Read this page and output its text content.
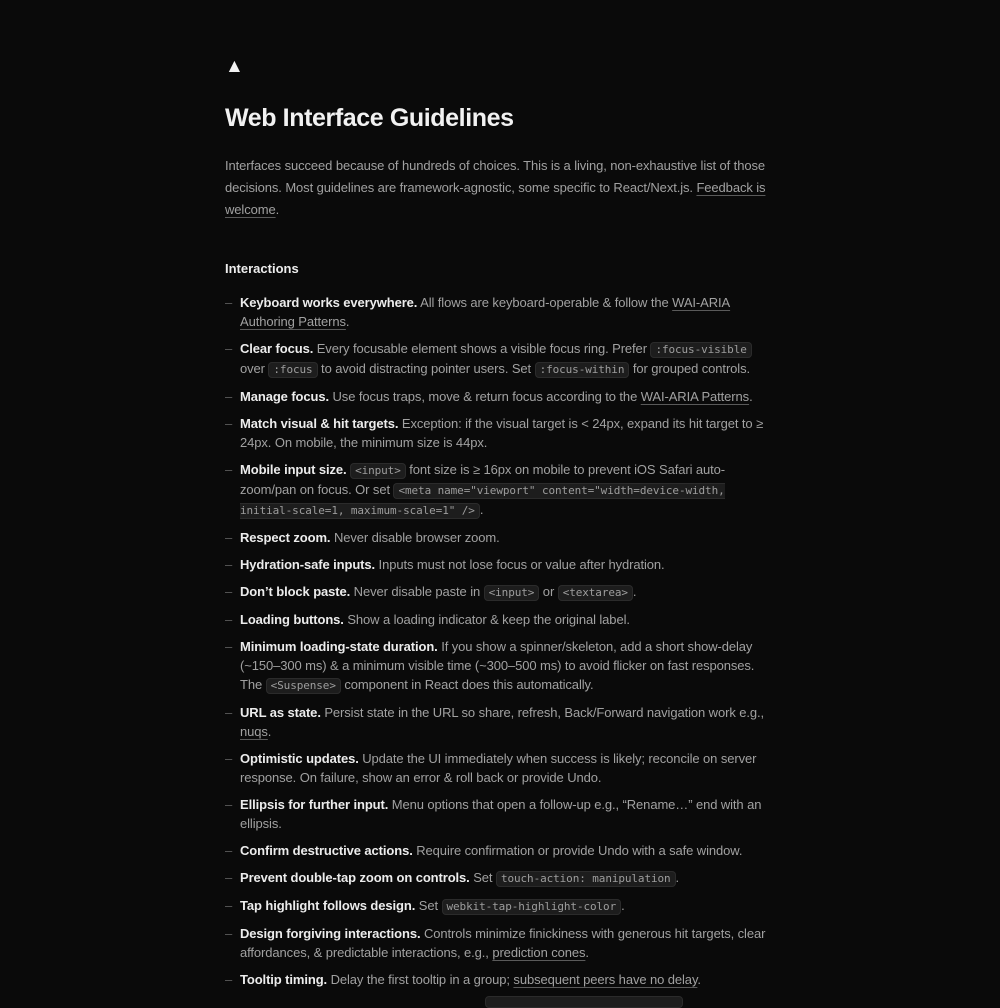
▲
Web Interface Guidelines

Interfaces succeed because of hundreds of choices. This is a living, non-exhaustive list of those decisions. Most guidelines are framework-agnostic, some specific to React/Next.js. Feedback is welcome.

Interactions
– Keyboard works everywhere. All flows are keyboard-operable & follow the WAI-ARIA Authoring Patterns.
– Clear focus. Every focusable element shows a visible focus ring. Prefer :focus-visible over :focus to avoid distracting pointer users. Set :focus-within for grouped controls.
– Manage focus. Use focus traps, move & return focus according to the WAI-ARIA Patterns.
– Match visual & hit targets. Exception: if the visual target is < 24px, expand its hit target to ≥ 24px. On mobile, the minimum size is 44px.
– Mobile input size. <input> font size is ≥ 16px on mobile to prevent iOS Safari auto-zoom/pan on focus. Or set <meta name="viewport" content="width=device-width, initial-scale=1, maximum-scale=1" /> .
– Respect zoom. Never disable browser zoom.
– Hydration-safe inputs. Inputs must not lose focus or value after hydration.
– Don’t block paste. Never disable paste in <input> or <textarea> .
– Loading buttons. Show a loading indicator & keep the original label.
– Minimum loading-state duration. If you show a spinner/skeleton, add a short show-delay (~150–300 ms) & a minimum visible time (~300–500 ms) to avoid flicker on fast responses. The <Suspense> component in React does this automatically.
– URL as state. Persist state in the URL so share, refresh, Back/Forward navigation work e.g., nuqs.
– Optimistic updates. Update the UI immediately when success is likely; reconcile on server response. On failure, show an error & roll back or provide Undo.
– Ellipsis for further input. Menu options that open a follow-up e.g., “Rename…” end with an ellipsis.
– Confirm destructive actions. Require confirmation or provide Undo with a safe window.
– Prevent double-tap zoom on controls. Set touch-action: manipulation .
– Tap highlight follows design. Set webkit-tap-highlight-color .
– Design forgiving interactions. Controls minimize finickiness with generous hit targets, clear affordances, & predictable interactions, e.g., prediction cones.
– Tooltip timing. Delay the first tooltip in a group; subsequent peers have no delay.
